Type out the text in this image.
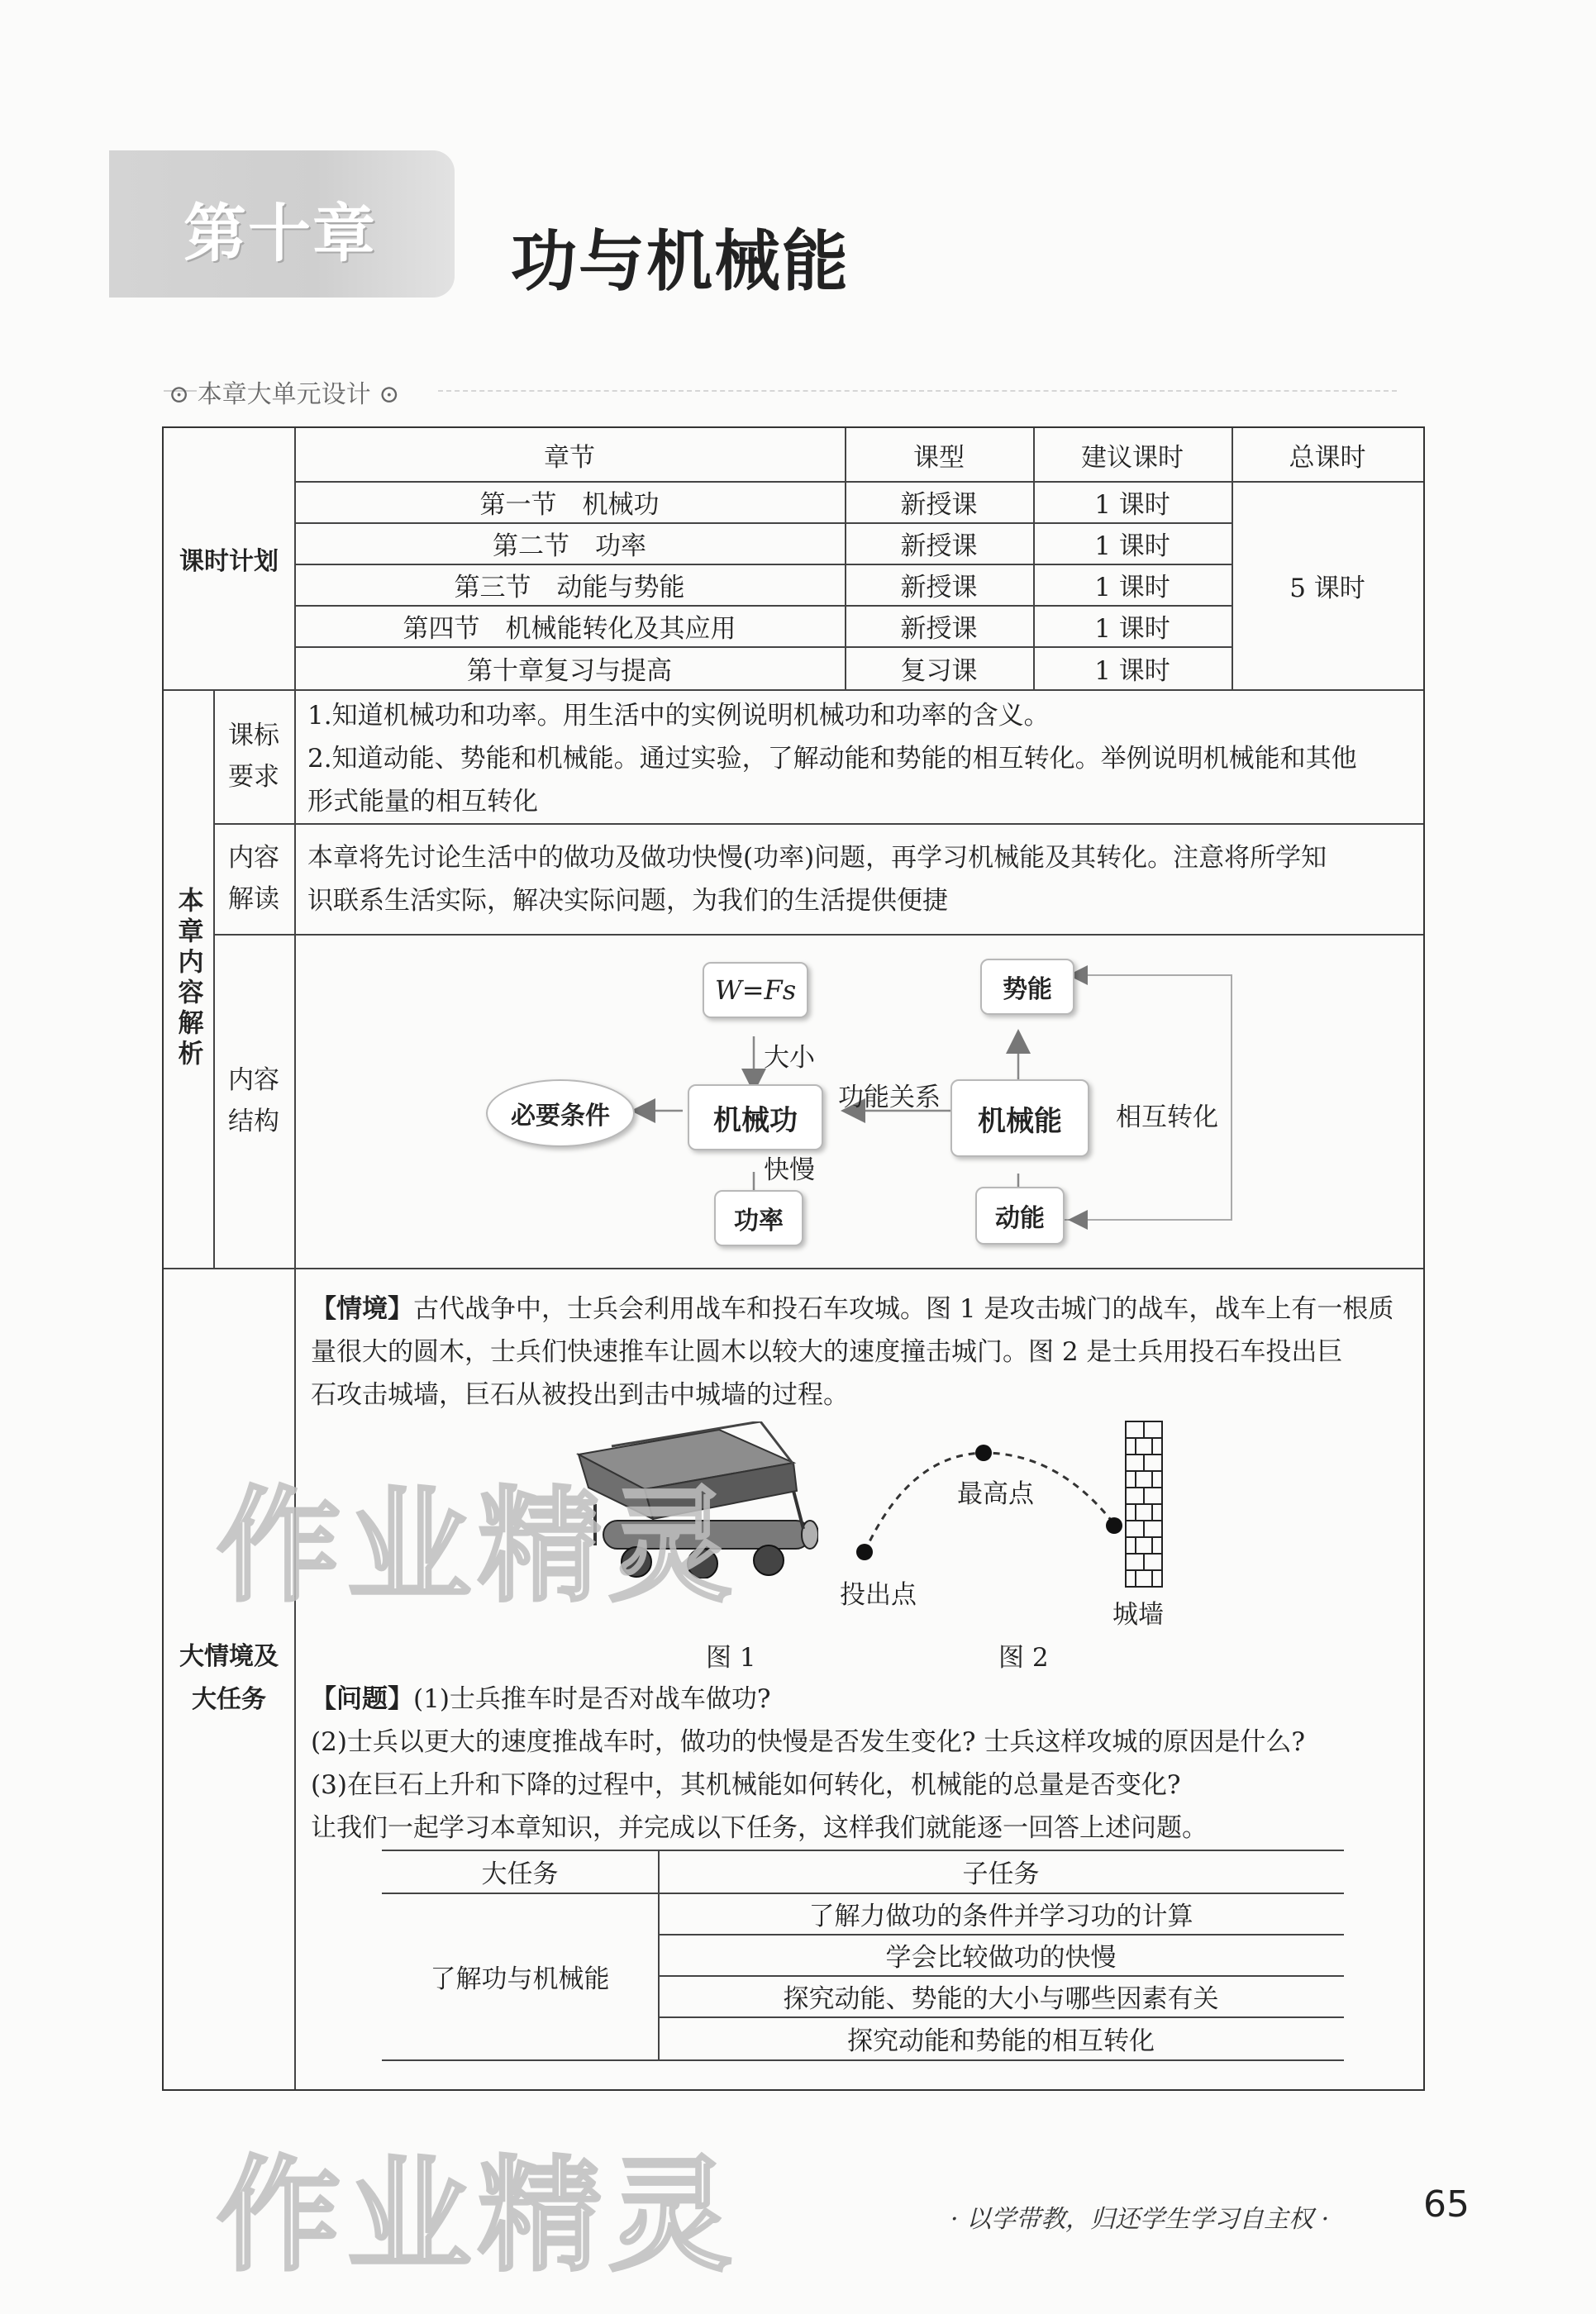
第十章 功与机械能
⊙ 本章大单元设计 ⊙
课时计划
章节	课型	建议课时	总课时
第一节　机械功	新授课	1 课时
第二节　功率	新授课	1 课时
第三节　动能与势能	新授课	1 课时
第四节　机械能转化及其应用	新授课	1 课时
第十章复习与提高	复习课	1 课时
5 课时
本章内容解析
课标
要求
1.知道机械功和功率。用生活中的实例说明机械功和功率的含义。
2.知道动能、势能和机械能。通过实验，了解动能和势能的相互转化。举例说明机械能和其他
形式能量的相互转化
内容
解读
本章将先讨论生活中的做功及做功快慢(功率)问题，再学习机械能及其转化。注意将所学知
识联系生活实际，解决实际问题，为我们的生活提供便捷
内容
结构
W = F s
机械功
功率
必要条件	机械能
势能
动能
大小
快慢
功能关系
相互转化
大情境及
大任务
【情境】古代战争中，士兵会利用战车和投石车攻城。图 1 是攻击城门的战车，战车上有一根质
量很大的圆木，士兵们快速推车让圆木以较大的速度撞击城门。图 2 是士兵用投石车投出巨
石攻击城墙，巨石从被投出到击中城墙的过程。
最高点
投出点
城墙
图 1	图 2
【问题】(1)士兵推车时是否对战车做功?
(2)士兵以更大的速度推战车时，做功的快慢是否发生变化? 士兵这样攻城的原因是什么?
(3)在巨石上升和下降的过程中，其机械能如何转化，机械能的总量是否变化?
让我们一起学习本章知识，并完成以下任务，这样我们就能逐一回答上述问题。
大任务	子任务
了解功与机械能
了解力做功的条件并学习功的计算
学会比较做功的快慢
探究动能、势能的大小与哪些因素有关
探究动能和势能的相互转化
作业精灵
作业精灵	· 以学带教，归还学生学习自主权 ·	65
